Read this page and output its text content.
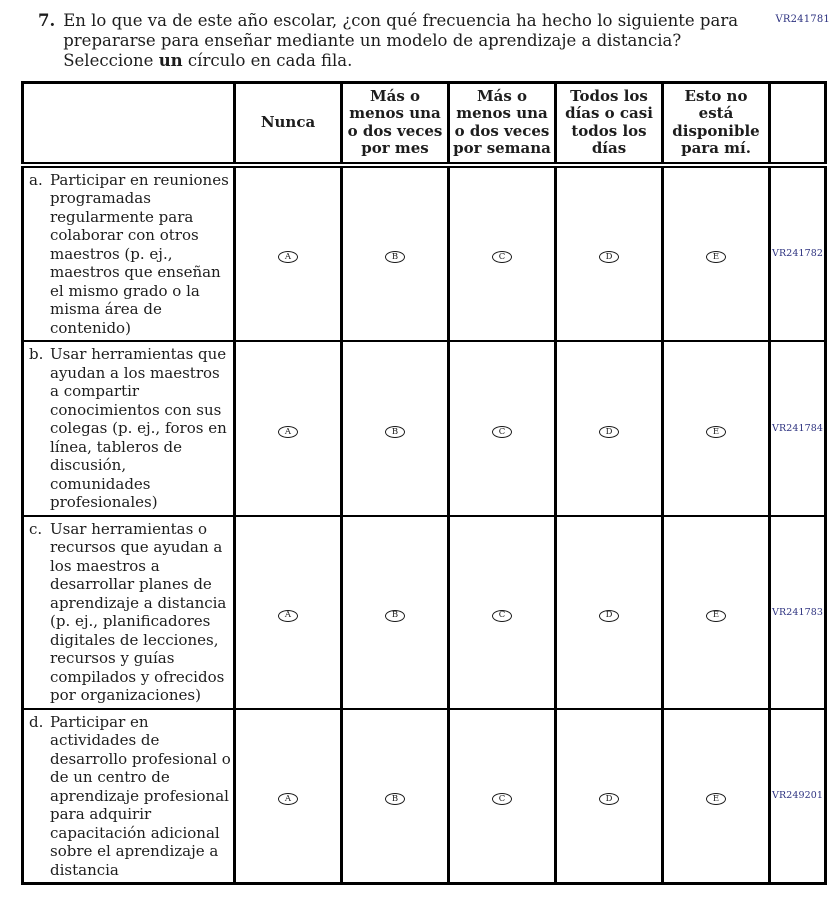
VR241781
7. En lo que va de este año escolar, ¿con qué frecuencia ha hecho lo siguiente para prepararse para enseñar mediante un modelo de aprendizaje a distancia? Seleccione un círculo en cada fila.

	Nunca	Más o menos una o dos veces por mes	Más o menos una o dos veces por semana	Todos los días o casi todos los días	Esto no está disponible para mí.	

a. Participar en reuniones programadas regularmente para colaborar con otros maestros (p. ej., maestros que enseñan el mismo grado o la misma área de contenido)	A	B	C	D	E	VR241782

b. Usar herramientas que ayudan a los maestros a compartir conocimientos con sus colegas (p. ej., foros en línea, tableros de discusión, comunidades profesionales)	A	B	C	D	E	VR241784

c. Usar herramientas o recursos que ayudan a los maestros a desarrollar planes de aprendizaje a distancia (p. ej., planificadores digitales de lecciones, recursos y guías compilados y ofrecidos por organizaciones)	A	B	C	D	E	VR241783

d. Participar en actividades de desarrollo profesional o de un centro de aprendizaje profesional para adquirir capacitación adicional sobre el aprendizaje a distancia	A	B	C	D	E	VR249201
